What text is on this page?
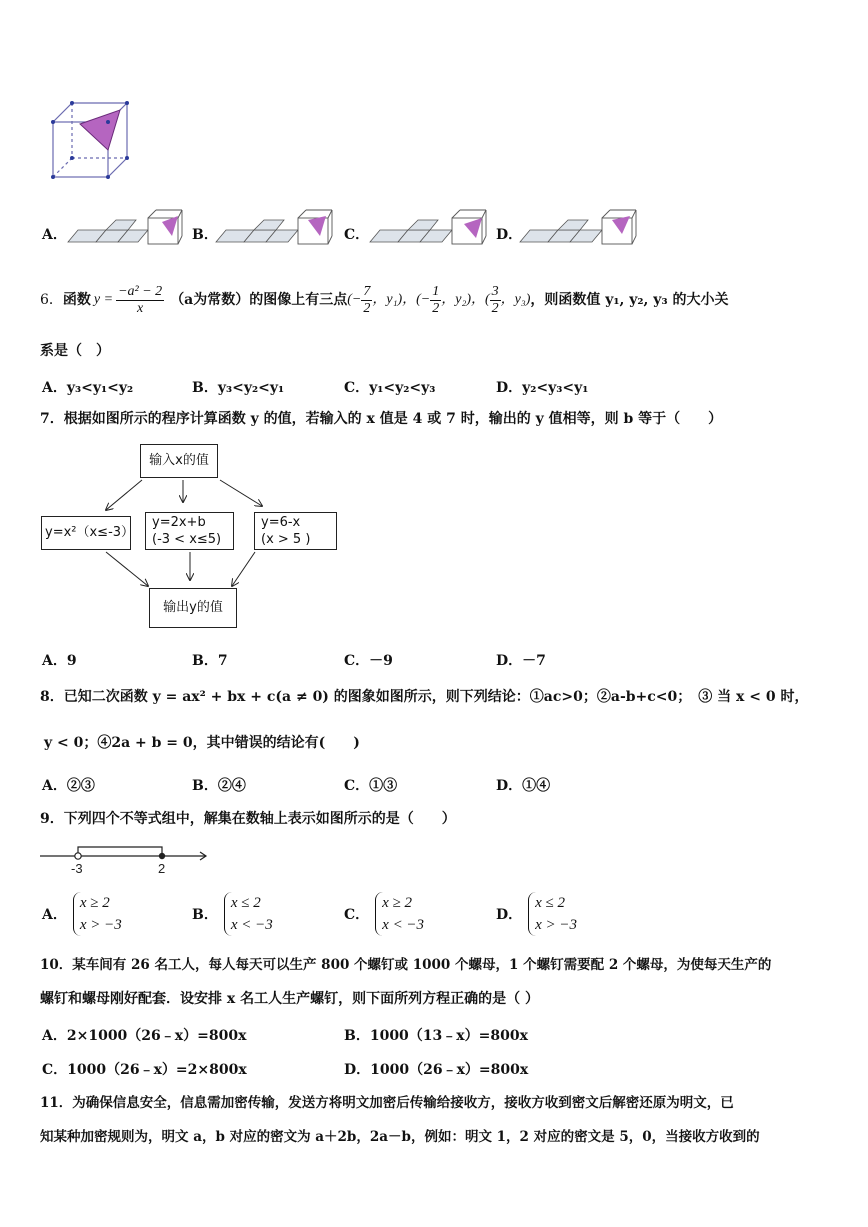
A．	B．	C．	D．
6． 函数 $y = \frac{\text{−a² − 2}}{x} (a$为常数）的图像上有三点 (− $\frac{7}{2}$ ，y₁)， (− $\frac{1}{2}$ ，y₂)， ( $\frac{3}{2}$ ，y₃) ，则函数值 y₁, y₂, y₃ 的大小关
系是（　）
A．y₃<y₁<y₂	B．y₃<y₂<y₁	C．y₁<y₂<y₃	D．y₂<y₃<y₁
7．根据如图所示的程序计算函数 y 的值，若输入的 x 值是 4 或 7 时，输出的 y 值相等，则 b 等于（　　）
输入x的值
y=x²（x≤-3）
y=2x+b
(-3 < x≤5)
y=6-x
(x > 5 )
输出y的值
A．9	B．7	C．－9	D．－7
8．已知二次函数 y = ax² + bx + c(a ≠ 0) 的图象如图所示，则下列结论：①ac>0；②a-b+c<0；　③ 当 x < 0 时，
y < 0；④2a + b = 0，其中错误的结论有(　　)
A．②③	B．②④	C．①③	D．①④
9．下列四个不等式组中，解集在数轴上表示如图所示的是（　　）
-3	2
A．
x ≥ 2
x > −3
B．
x ≤ 2
x < −3
C．
x ≥ 2
x < −3
D．
x ≤ 2
x > −3
10．某车间有 26 名工人，每人每天可以生产 800 个螺钉或 1000 个螺母，1 个螺钉需要配 2 个螺母，为使每天生产的
螺钉和螺母刚好配套．设安排 x 名工人生产螺钉，则下面所列方程正确的是（ ）
A．2×1000（26﹣x）=800x	B．1000（13﹣x）=800x
C．1000（26﹣x）=2×800x	D．1000（26﹣x）=800x
11．为确保信息安全，信息需加密传输，发送方将明文加密后传输给接收方，接收方收到密文后解密还原为明文，已
知某种加密规则为，明文 a，b 对应的密文为 a＋2b，2a－b，例如：明文 1，2 对应的密文是 5，0，当接收方收到的
